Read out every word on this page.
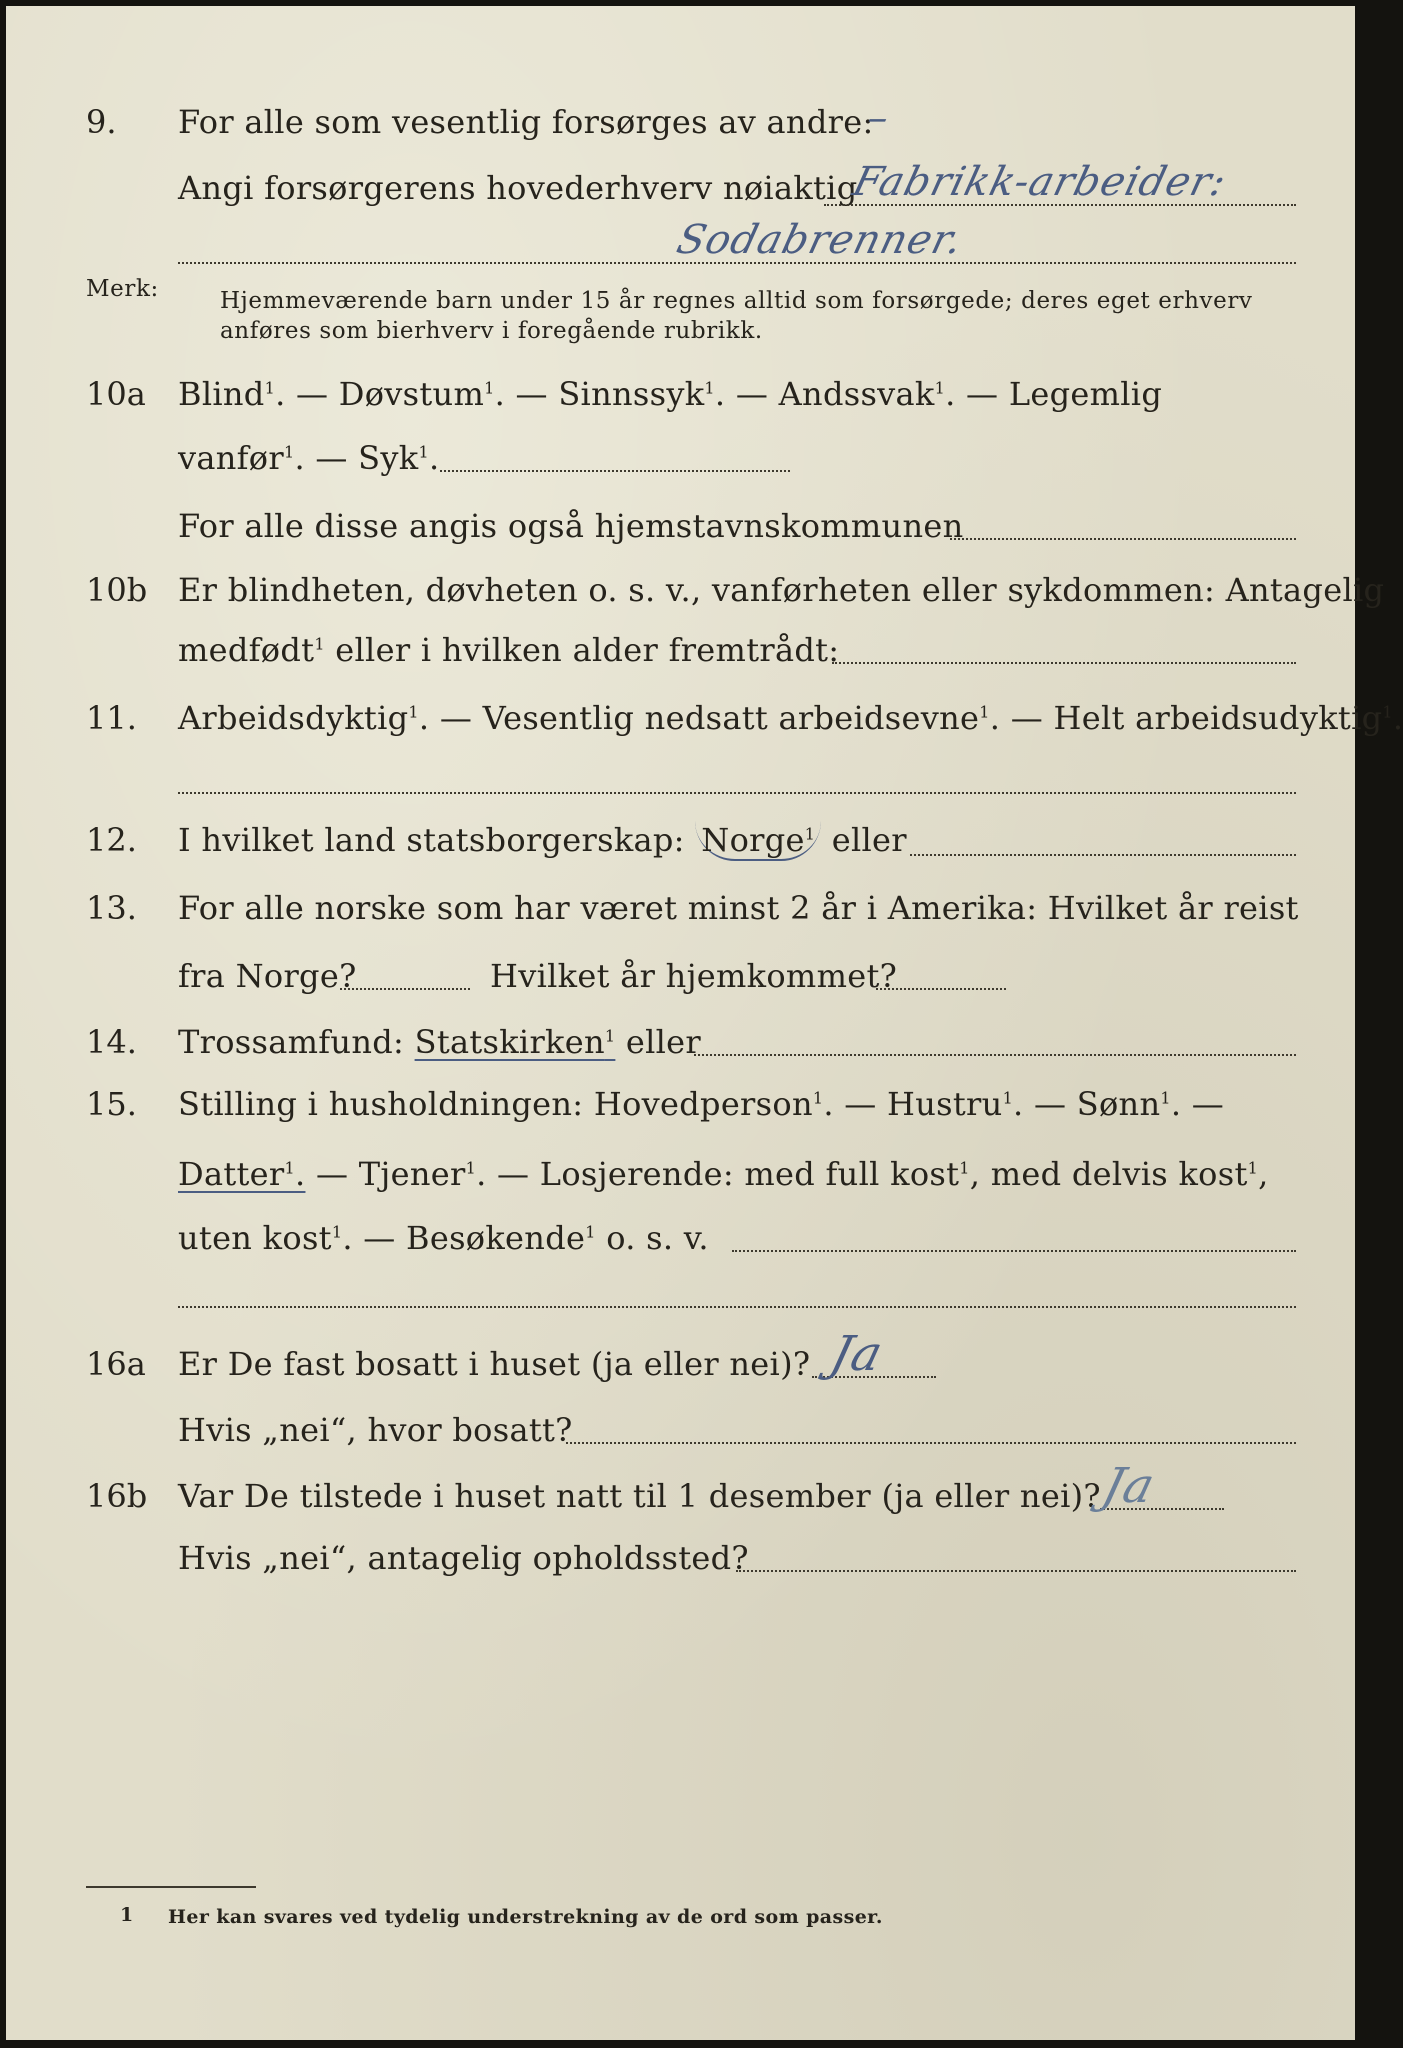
9. For alle som vesentlig forsørges av andre:
–
Angi forsørgerens hovederhverv nøiaktig
Fabrikk-arbeider:
Sodabrenner.
Merk:	Hjemmeværende barn under 15 år regnes alltid som forsørgede; deres eget erhverv
anføres som bierhverv i foregående rubrikk.
10a Blind$^1$. — Døvstum$^1$. — Sinnssyk$^1$. — Andssvak$^1$. — Legemlig
vanfør$^1$. — Syk$^1$.
For alle disse angis også hjemstavnskommunen
10b Er blindheten, døvheten o. s. v., vanførheten eller sykdommen: Antagelig
medfødt$^1$ eller i hvilken alder fremtrådt:
11. Arbeidsdyktig$^1$. — Vesentlig nedsatt arbeidsevne$^1$. — Helt arbeidsudyktig$^1$.
12. I hvilket land statsborgerskap: Norge$^1$ eller
13. For alle norske som har været minst 2 år i Amerika: Hvilket år reist
fra Norge?	Hvilket år hjemkommet?
14. Trossamfund: Statskirken$^1$ eller
15. Stilling i husholdningen: Hovedperson$^1$. — Hustru$^1$. — Sønn$^1$. —
Datter$^1$. — Tjener$^1$. — Losjerende: med full kost$^1$, med delvis kost$^1$,
uten kost$^1$. — Besøkende$^1$ o. s. v.
16a Er De fast bosatt i huset (ja eller nei)? Ja
Hvis „nei“, hvor bosatt?
16b Var De tilstede i huset natt til 1 desember (ja eller nei)?
Ja
Hvis „nei“, antagelig opholdssted?
1 Her kan svares ved tydelig understrekning av de ord som passer.
